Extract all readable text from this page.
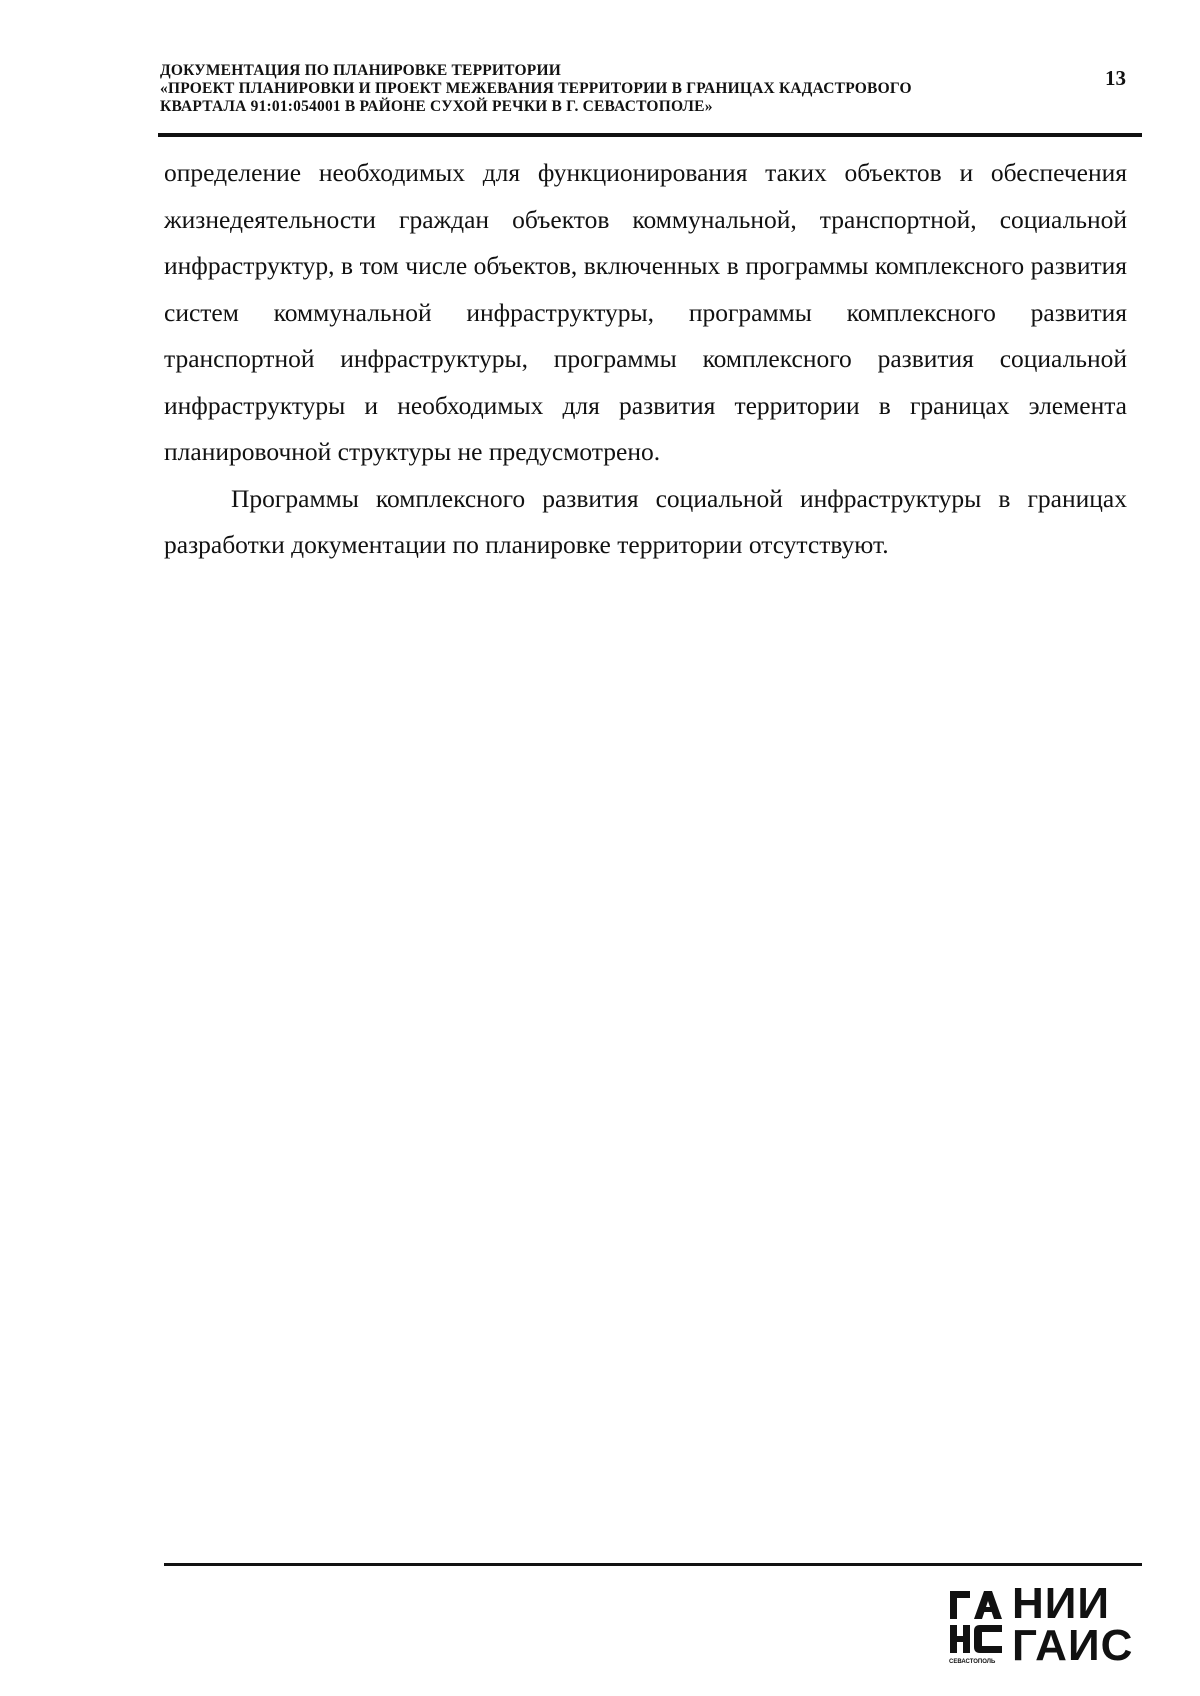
ДОКУМЕНТАЦИЯ ПО ПЛАНИРОВКЕ ТЕРРИТОРИИ
«ПРОЕКТ ПЛАНИРОВКИ И ПРОЕКТ МЕЖЕВАНИЯ ТЕРРИТОРИИ В ГРАНИЦАХ КАДАСТРОВОГО
КВАРТАЛА 91:01:054001 В РАЙОНЕ СУХОЙ РЕЧКИ В Г. СЕВАСТОПОЛЕ»
13

определение необходимых для функционирования таких объектов и обеспечения жизнедеятельности граждан объектов коммунальной, транспортной, социальной инфраструктур, в том числе объектов, включенных в программы комплексного развития систем коммунальной инфраструктуры, программы комплексного развития транспортной инфраструктуры, программы комплексного развития социальной инфраструктуры и необходимых для развития территории в границах элемента планировочной структуры не предусмотрено.

Программы комплексного развития социальной инфраструктуры в границах разработки документации по планировке территории отсутствуют.

СЕВАСТОПОЛЬ
НИИ
ГАИС
